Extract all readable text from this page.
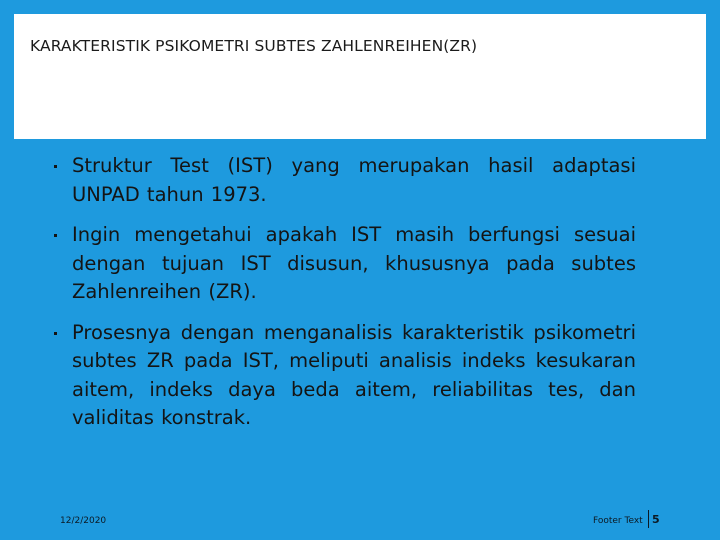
KARAKTERISTIK PSIKOMETRI SUBTES ZAHLENREIHEN(ZR)
Struktur Test (IST) yang merupakan hasil adaptasi UNPAD tahun 1973.
Ingin mengetahui apakah IST masih berfungsi sesuai dengan tujuan IST disusun, khususnya pada subtes Zahlenreihen (ZR).
Prosesnya dengan menganalisis karakteristik psikometri subtes ZR pada IST, meliputi analisis indeks kesukaran aitem, indeks daya beda aitem, reliabilitas tes, dan validitas konstrak.
12/2/2020	Footer Text 5
